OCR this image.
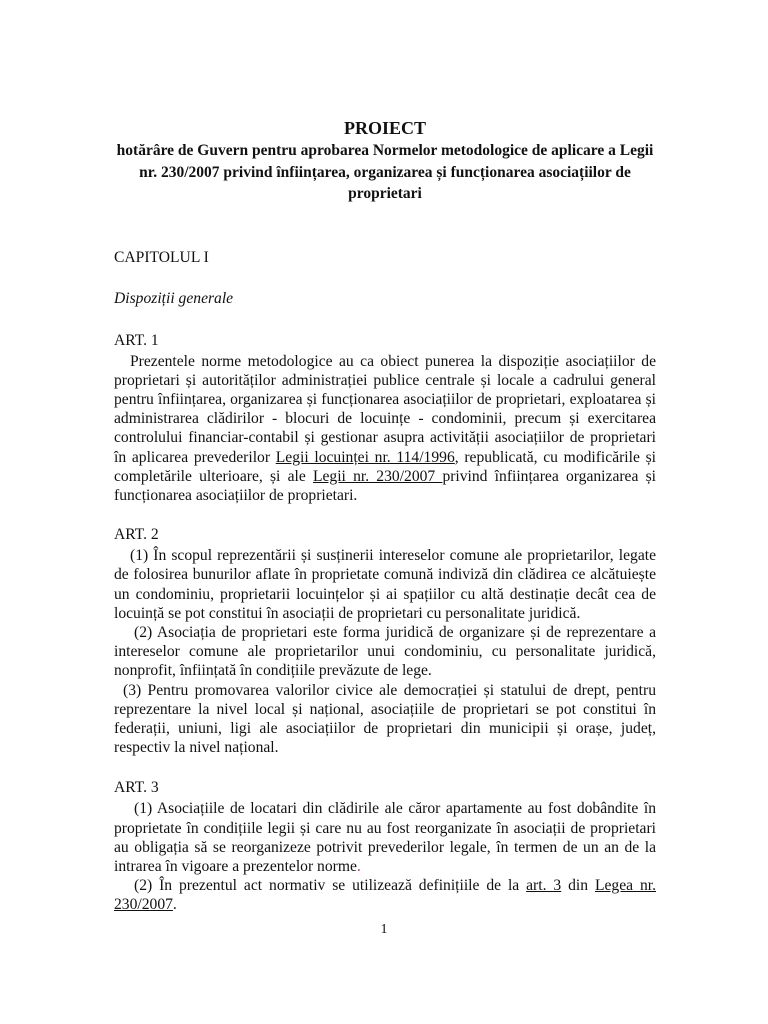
PROIECT
hotărâre de Guvern pentru aprobarea Normelor metodologice de aplicare a Legii nr. 230/2007 privind înființarea, organizarea și funcționarea asociațiilor de proprietari
CAPITOLUL I
Dispoziții generale
ART. 1

Prezentele norme metodologice au ca obiect punerea la dispoziție asociațiilor de proprietari și autorităților administrației publice centrale și locale a cadrului general pentru înființarea, organizarea și funcționarea asociațiilor de proprietari, exploatarea și administrarea clădirilor - blocuri de locuințe - condominii, precum și exercitarea controlului financiar-contabil și gestionar asupra activității asociațiilor de proprietari în aplicarea prevederilor Legii locuinței nr. 114/1996, republicată, cu modificările și completările ulterioare, și ale Legii nr. 230/2007 privind înființarea organizarea și funcționarea asociațiilor de proprietari.

ART. 2

(1) În scopul reprezentării și susținerii intereselor comune ale proprietarilor, legate de folosirea bunurilor aflate în proprietate comună indiviză din clădirea ce alcătuiește un condominiu, proprietarii locuințelor și ai spațiilor cu altă destinație decât cea de locuință se pot constitui în asociații de proprietari cu personalitate juridică.

(2) Asociația de proprietari este forma juridică de organizare și de reprezentare a intereselor comune ale proprietarilor unui condominiu, cu personalitate juridică, nonprofit, înființată în condițiile prevăzute de lege.

(3) Pentru promovarea valorilor civice ale democrației și statului de drept, pentru reprezentare la nivel local și național, asociațiile de proprietari se pot constitui în federații, uniuni, ligi ale asociațiilor de proprietari din municipii și orașe, județ, respectiv la nivel național.

ART. 3

(1) Asociațiile de locatari din clădirile ale căror apartamente au fost dobândite în proprietate în condițiile legii și care nu au fost reorganizate în asociații de proprietari au obligația să se reorganizeze potrivit prevederilor legale, în termen de un an de la intrarea în vigoare a prezentelor norme.

(2) În prezentul act normativ se utilizează definițiile de la art. 3 din Legea nr. 230/2007.

1
